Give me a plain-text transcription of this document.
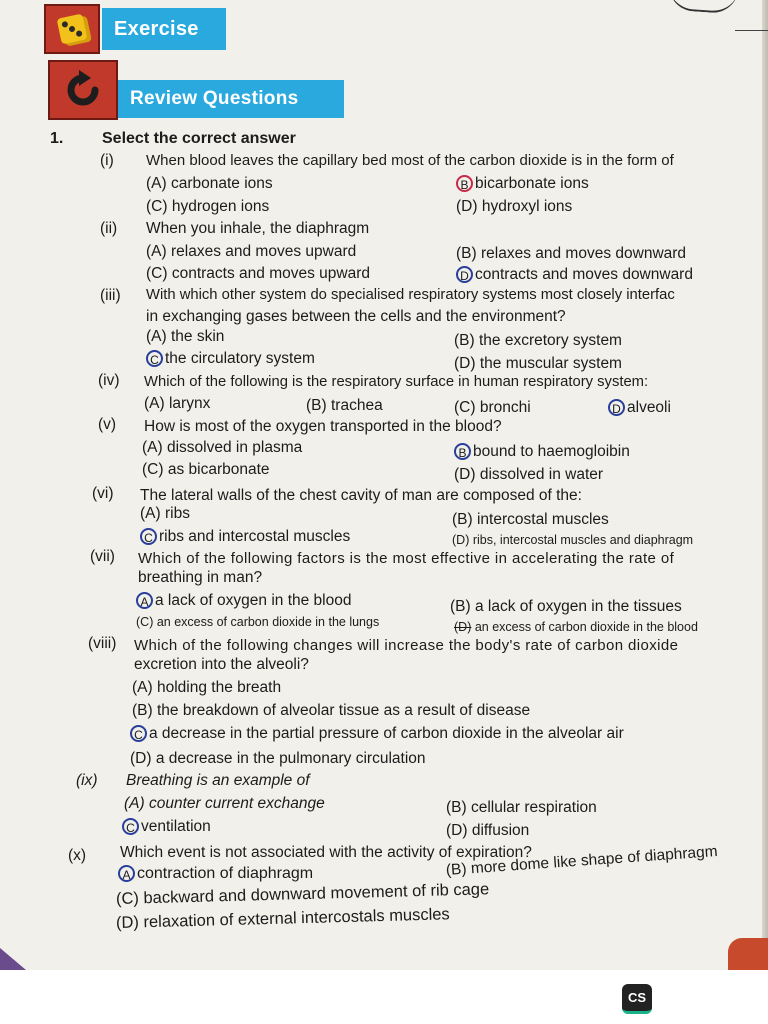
Exercise
Review Questions
1. Select the correct answer
(i) When blood leaves the capillary bed most of the carbon dioxide is in the form of
(A) carbonate ions	B bicarbonate ions
(C) hydrogen ions	(D) hydroxyl ions
(ii) When you inhale, the diaphragm
(A) relaxes and moves upward	(B) relaxes and moves downward
(C) contracts and moves upward	D contracts and moves downward
(iii) With which other system do specialised respiratory systems most closely interfac
in exchanging gases between the cells and the environment?
(A) the skin	(B) the excretory system
C the circulatory system	(D) the muscular system
(iv) Which of the following is the respiratory surface in human respiratory system:
(A) larynx	(B) trachea	(C) bronchi	D alveoli
(v) How is most of the oxygen transported in the blood?
(A) dissolved in plasma	B bound to haemogloibin
(C) as bicarbonate	(D) dissolved in water
(vi) The lateral walls of the chest cavity of man are composed of the:
(A) ribs	(B) intercostal muscles
C ribs and intercostal muscles	(D) ribs, intercostal muscles and diaphragm
(vii) Which of the following factors is the most effective in accelerating the rate of
breathing in man?
A a lack of oxygen in the blood	(B) a lack of oxygen in the tissues
(C) an excess of carbon dioxide in the lungs	(D) an excess of carbon dioxide in the blood
(viii) Which of the following changes will increase the body's rate of carbon dioxide
excretion into the alveoli?
(A) holding the breath
(B) the breakdown of alveolar tissue as a result of disease
C a decrease in the partial pressure of carbon dioxide in the alveolar air
(D) a decrease in the pulmonary circulation
(ix) Breathing is an example of
(A) counter current exchange	(B) cellular respiration
C ventilation	(D) diffusion
(x) Which event is not associated with the activity of expiration?
A contraction of diaphragm	(B) more dome like shape of diaphragm
(C) backward and downward movement of rib cage
(D) relaxation of external intercostals muscles
CS
